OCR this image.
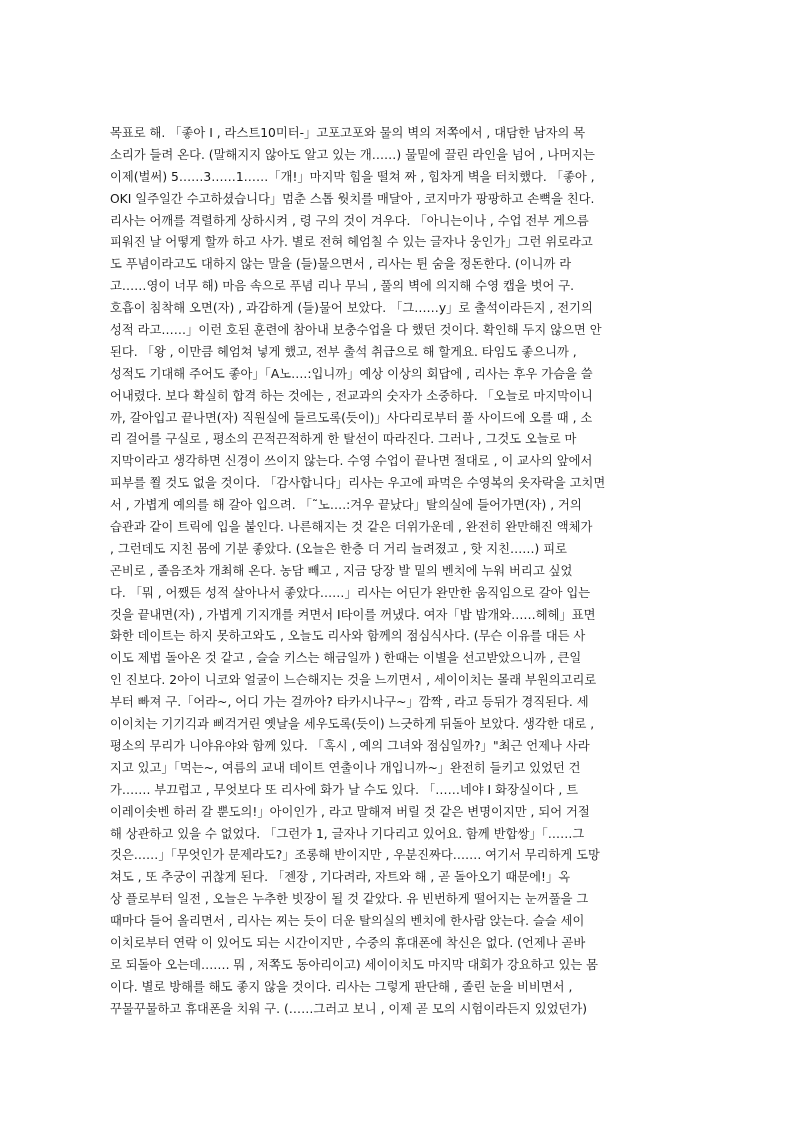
목표로 해. 「좋아 I , 라스트10미터-」고포고포와 물의 벽의 저쪽에서 , 대담한 남자의 목
소리가 들려 온다. (말해지지 않아도 알고 있는 개……) 물밑에 끌린 라인을 넘어 , 나머지는
이제(벌써) 5……3……1……「개!」마지막 힘을 떨쳐 짜 , 힘차게 벽을 터치했다. 「좋아 ,
OKI 일주일간 수고하셨습니다」멈춘 스톱 웟치를 매달아 , 코지마가 팡팡하고 손뼉을 친다.
리사는 어깨를 격렬하게 상하시켜 , 령 구의 것이 겨우다. 「아니는이나 , 수업 전부 게으름
피워진 날 어떻게 할까 하고 사가. 별로 전혀 헤엄칠 수 있는 글자나 웅인가」그런 위로라고
도 푸념이라고도 대하지 않는 말을 (들)물으면서 , 리사는 튄 숨을 정돈한다. (이니까 라
고……영이 너무 해) 마음 속으로 푸념 리나 무늬 , 풀의 벽에 의지해 수영 캡을 벗어 구.
호흡이 침착해 오면(자) , 과감하게 (들)물어 보았다. 「그……y」로 출석이라든지 , 전기의
성적 라고……」이런 호된 훈련에 참아내 보충수업을 다 했던 것이다. 확인해 두지 않으면 안
된다. 「왕 , 이만큼 헤엄쳐 넣게 했고, 전부 출석 취급으로 해 할게요. 타임도 좋으니까 ,
성적도 기대해 주어도 좋아」「A노….:입니까」예상 이상의 회답에 , 리사는 후우 가슴을 쓸
어내렸다. 보다 확실히 합격 하는 것에는 , 전교과의 숫자가 소중하다. 「오늘로 마지막이니
까, 갈아입고 끝나면(자) 직원실에 들르도록(듯이)」사다리로부터 풀 사이드에 오를 때 , 소
리 걸어를 구실로 , 평소의 끈적끈적하게 한 탈선이 따라진다. 그러나 , 그것도 오늘로 마
지막이라고 생각하면 신경이 쓰이지 않는다. 수영 수업이 끝나면 절대로 , 이 교사의 앞에서
피부를 쬘 것도 없을 것이다. 「감사합니다」리사는 우고에 파먹은 수영복의 옷자락을 고치면
서 , 가볍게 예의를 해 갈아 입으려. 「˜노….:겨우 끝났다」탈의실에 들어가면(자) , 거의
습관과 같이 트릭에 입을 붙인다. 나른해지는 것 같은 더위가운데 , 완전히 완만해진 액체가
, 그런데도 지친 몸에 기분 좋았다. (오늘은 한층 더 거리 늘려졌고 , 핫 지친……) 피로
곤비로 , 졸음조차 개최해 온다. 농담 빼고 , 지금 당장 발 밑의 벤치에 누워 버리고 싶었
다. 「뭐 , 어쨌든 성적 살아나서 좋았다……」리사는 어딘가 완만한 움직임으로 갈아 입는
것을 끝내면(자) , 가볍게 기지개를 켜면서 I타이를 꺼냈다. 여자「밥 밥개와……헤헤」표면
화한 데이트는 하지 못하고와도 , 오늘도 리사와 함께의 점심식사다. (무슨 이유를 대든 사
이도 제법 돌아온 것 같고 , 슬슬 키스는 해금일까 ) 한때는 이별을 선고받았으니까 , 큰일
인 진보다. 2아이 니코와 얼굴이 느슨해지는 것을 느끼면서 , 세이이치는 몰래 부원의고리로
부터 빠져 구.「어라~, 어디 가는 걸까아? 타카시나구~」깜짝 , 라고 등뒤가 경직된다. 세
이이치는 기기긱과 삐걱거린 옛날을 세우도록(듯이) 느긋하게 뒤돌아 보았다. 생각한 대로 ,
평소의 무리가 니야유야와 함께 있다. 「혹시 , 예의 그녀와 점심일까?」"최근 언제나 사라
지고 있고」「먹는~, 여름의 교내 데이트 연출이나 개입니까~」완전히 들키고 있었던 건
가……. 부끄럽고 , 무엇보다 또 리사에 화가 날 수도 있다. 「……네야 I 화장실이다 , 트
이레이솟벤 하러 갈 뿐도의!」아이인가 , 라고 말해져 버릴 것 같은 변명이지만 , 되어 거절
해 상관하고 있을 수 없었다. 「그런가 1, 글자나 기다리고 있어요. 함께 반합쌍」「……그
것은……」「무엇인가 문제라도?」조롱해 반이지만 , 우분진짜다……. 여기서 무리하게 도망
쳐도 , 또 추궁이 귀찮게 된다. 「젠장 , 기다려라, 자트와 해 , 곧 돌아오기 때문에!」옥
상 플로부터 일전 , 오늘은 누추한 빗장이 될 것 같았다. 유 빈번하게 떨어지는 눈꺼풀을 그
때마다 들어 올리면서 , 리사는 찌는 듯이 더운 탈의실의 벤치에 한사람 앉는다. 슬슬 세이
이치로부터 연락 이 있어도 되는 시간이지만 , 수중의 휴대폰에 착신은 없다. (언제나 곧바
로 되돌아 오는데……. 뭐 , 저쪽도 동아리이고) 세이이치도 마지막 대회가 강요하고 있는 몸
이다. 별로 방해를 해도 좋지 않을 것이다. 리사는 그렇게 판단해 , 졸린 눈을 비비면서 ,
꾸물꾸물하고 휴대폰을 치워 구. (……그러고 보니 , 이제 곧 모의 시험이라든지 있었던가)
